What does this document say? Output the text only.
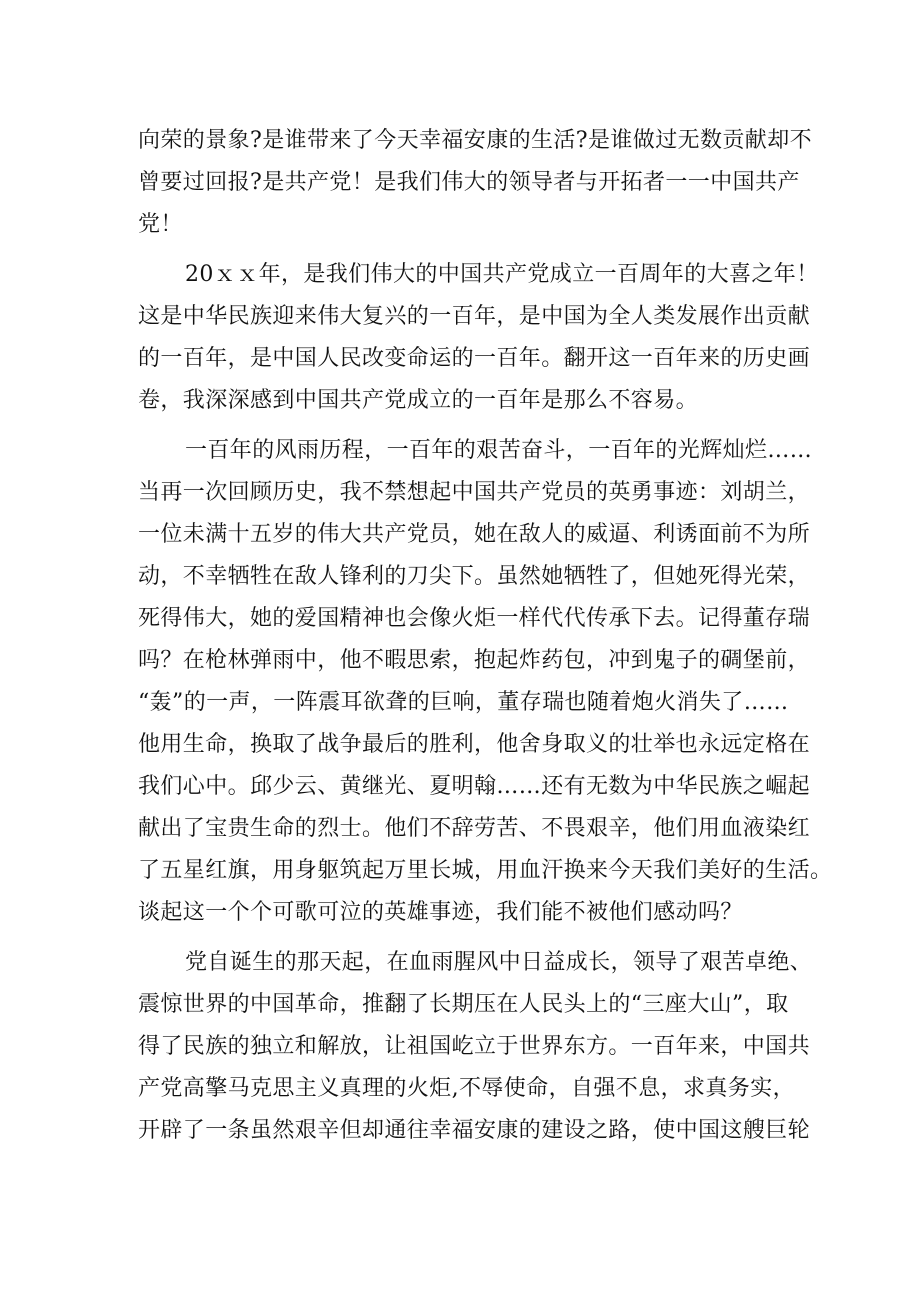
向荣的景象?是谁带来了今天幸福安康的生活?是谁做过无数贡献却不
曾要过回报?是共产党！是我们伟大的领导者与开拓者一一中国共产
党！
20ｘｘ年，是我们伟大的中国共产党成立一百周年的大喜之年！
这是中华民族迎来伟大复兴的一百年，是中国为全人类发展作出贡献
的一百年，是中国人民改变命运的一百年。翻开这一百年来的历史画
卷，我深深感到中国共产党成立的一百年是那么不容易。
一百年的风雨历程，一百年的艰苦奋斗，一百年的光辉灿烂……
当再一次回顾历史，我不禁想起中国共产党员的英勇事迹：刘胡兰，
一位未满十五岁的伟大共产党员，她在敌人的威逼、利诱面前不为所
动，不幸牺牲在敌人锋利的刀尖下。虽然她牺牲了，但她死得光荣，
死得伟大，她的爱国精神也会像火炬一样代代传承下去。记得董存瑞
吗？在枪林弹雨中，他不暇思索，抱起炸药包，冲到鬼子的碉堡前，
“轰”的一声，一阵震耳欲聋的巨响，董存瑞也随着炮火消失了……
他用生命，换取了战争最后的胜利，他舍身取义的壮举也永远定格在
我们心中。邱少云、黄继光、夏明翰……还有无数为中华民族之崛起
献出了宝贵生命的烈士。他们不辞劳苦、不畏艰辛，他们用血液染红
了五星红旗，用身躯筑起万里长城，用血汗换来今天我们美好的生活。
谈起这一个个可歌可泣的英雄事迹，我们能不被他们感动吗？
党自诞生的那天起，在血雨腥风中日益成长，领导了艰苦卓绝、
震惊世界的中国革命，推翻了长期压在人民头上的“三座大山”，取
得了民族的独立和解放，让祖国屹立于世界东方。一百年来，中国共
产党高擎马克思主义真理的火炬,不辱使命，自强不息，求真务实，
开辟了一条虽然艰辛但却通往幸福安康的建设之路，使中国这艘巨轮
